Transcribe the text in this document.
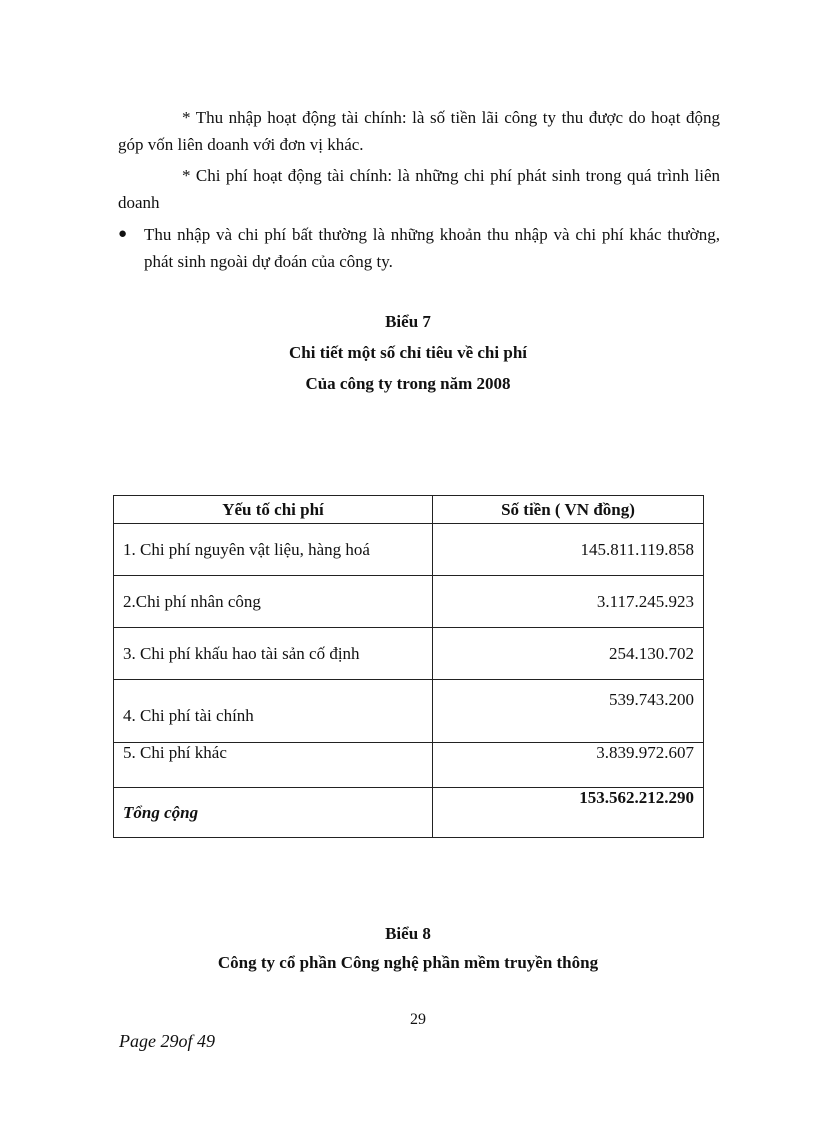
* Thu nhập hoạt động tài chính: là số tiền lãi công ty thu được do hoạt động góp vốn liên doanh với đơn vị khác.

* Chi phí hoạt động tài chính: là những chi phí phát sinh trong quá trình liên doanh

● Thu nhập và chi phí bất thường là những khoản thu nhập và chi phí khác thường, phát sinh ngoài dự đoán của công ty.

Biểu 7

Chi tiết một số chỉ tiêu về chi phí

Của công ty trong năm 2008

Yếu tố chi phí	Số tiền ( VN đồng)
1. Chi phí nguyên vật liệu, hàng hoá	145.811.119.858
2.Chi phí nhân công	3.117.245.923
3. Chi phí khấu hao tài sản cố định	254.130.702
4. Chi phí tài chính	539.743.200
5. Chi phí khác	3.839.972.607
Tổng cộng	153.562.212.290

Biểu 8

Công ty cổ phần Công nghệ phần mềm truyền thông

29
Page 29of 49
